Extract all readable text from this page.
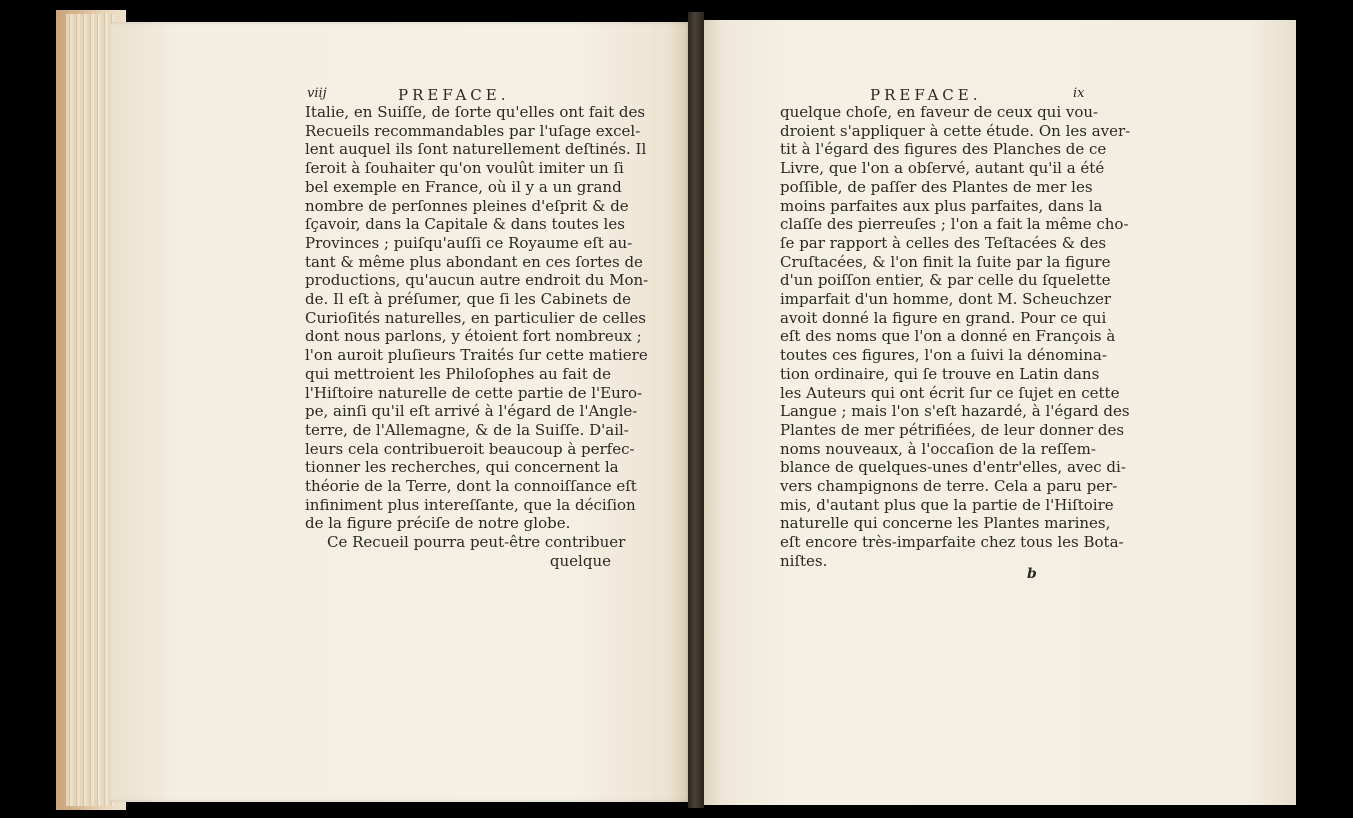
viij	PREFACE.	PREFACE.	ix
Italie, en Suiſſe, de ſorte qu'elles ont fait des
Recueils recommandables par l'uſage excel-
lent auquel ils ſont naturellement deſtinés. Il
ſeroit à ſouhaiter qu'on voulût imiter un ſi
bel exemple en France, où il y a un grand
nombre de perſonnes pleines d'eſprit & de
ſçavoir, dans la Capitale & dans toutes les
Provinces ; puiſqu'auſſi ce Royaume eſt au-
tant & même plus abondant en ces ſortes de
productions, qu'aucun autre endroit du Mon-
de. Il eſt à préſumer, que ſi les Cabinets de
Curioſités naturelles, en particulier de celles
dont nous parlons, y étoient fort nombreux ;
l'on auroit pluſieurs Traités ſur cette matiere
qui mettroient les Philoſophes au fait de
l'Hiſtoire naturelle de cette partie de l'Euro-
pe, ainſi qu'il eſt arrivé à l'égard de l'Angle-
terre, de l'Allemagne, & de la Suiſſe. D'ail-
leurs cela contribueroit beaucoup à perfec-
tionner les recherches, qui concernent la
théorie de la Terre, dont la connoiſſance eſt
infiniment plus intereſſante, que la déciſion
de la figure préciſe de notre globe.
Ce Recueil pourra peut-être contribuer
quelque
quelque choſe, en faveur de ceux qui vou-
droient s'appliquer à cette étude. On les aver-
tit à l'égard des figures des Planches de ce
Livre, que l'on a obſervé, autant qu'il a été
poſſible, de paſſer des Plantes de mer les
moins parfaites aux plus parfaites, dans la
claſſe des pierreuſes ; l'on a fait la même cho-
ſe par rapport à celles des Teſtacées & des
Cruſtacées, & l'on finit la ſuite par la figure
d'un poiſſon entier, & par celle du ſquelette
imparfait d'un homme, dont M. Scheuchzer
avoit donné la figure en grand. Pour ce qui
eſt des noms que l'on a donné en François à
toutes ces figures, l'on a ſuivi la dénomina-
tion ordinaire, qui ſe trouve en Latin dans
les Auteurs qui ont écrit ſur ce ſujet en cette
Langue ; mais l'on s'eſt hazardé, à l'égard des
Plantes de mer pétrifiées, de leur donner des
noms nouveaux, à l'occaſion de la reſſem-
blance de quelques-unes d'entr'elles, avec di-
vers champignons de terre. Cela a paru per-
mis, d'autant plus que la partie de l'Hiſtoire
naturelle qui concerne les Plantes marines,
eſt encore très-imparfaite chez tous les Bota-
niſtes.
b
